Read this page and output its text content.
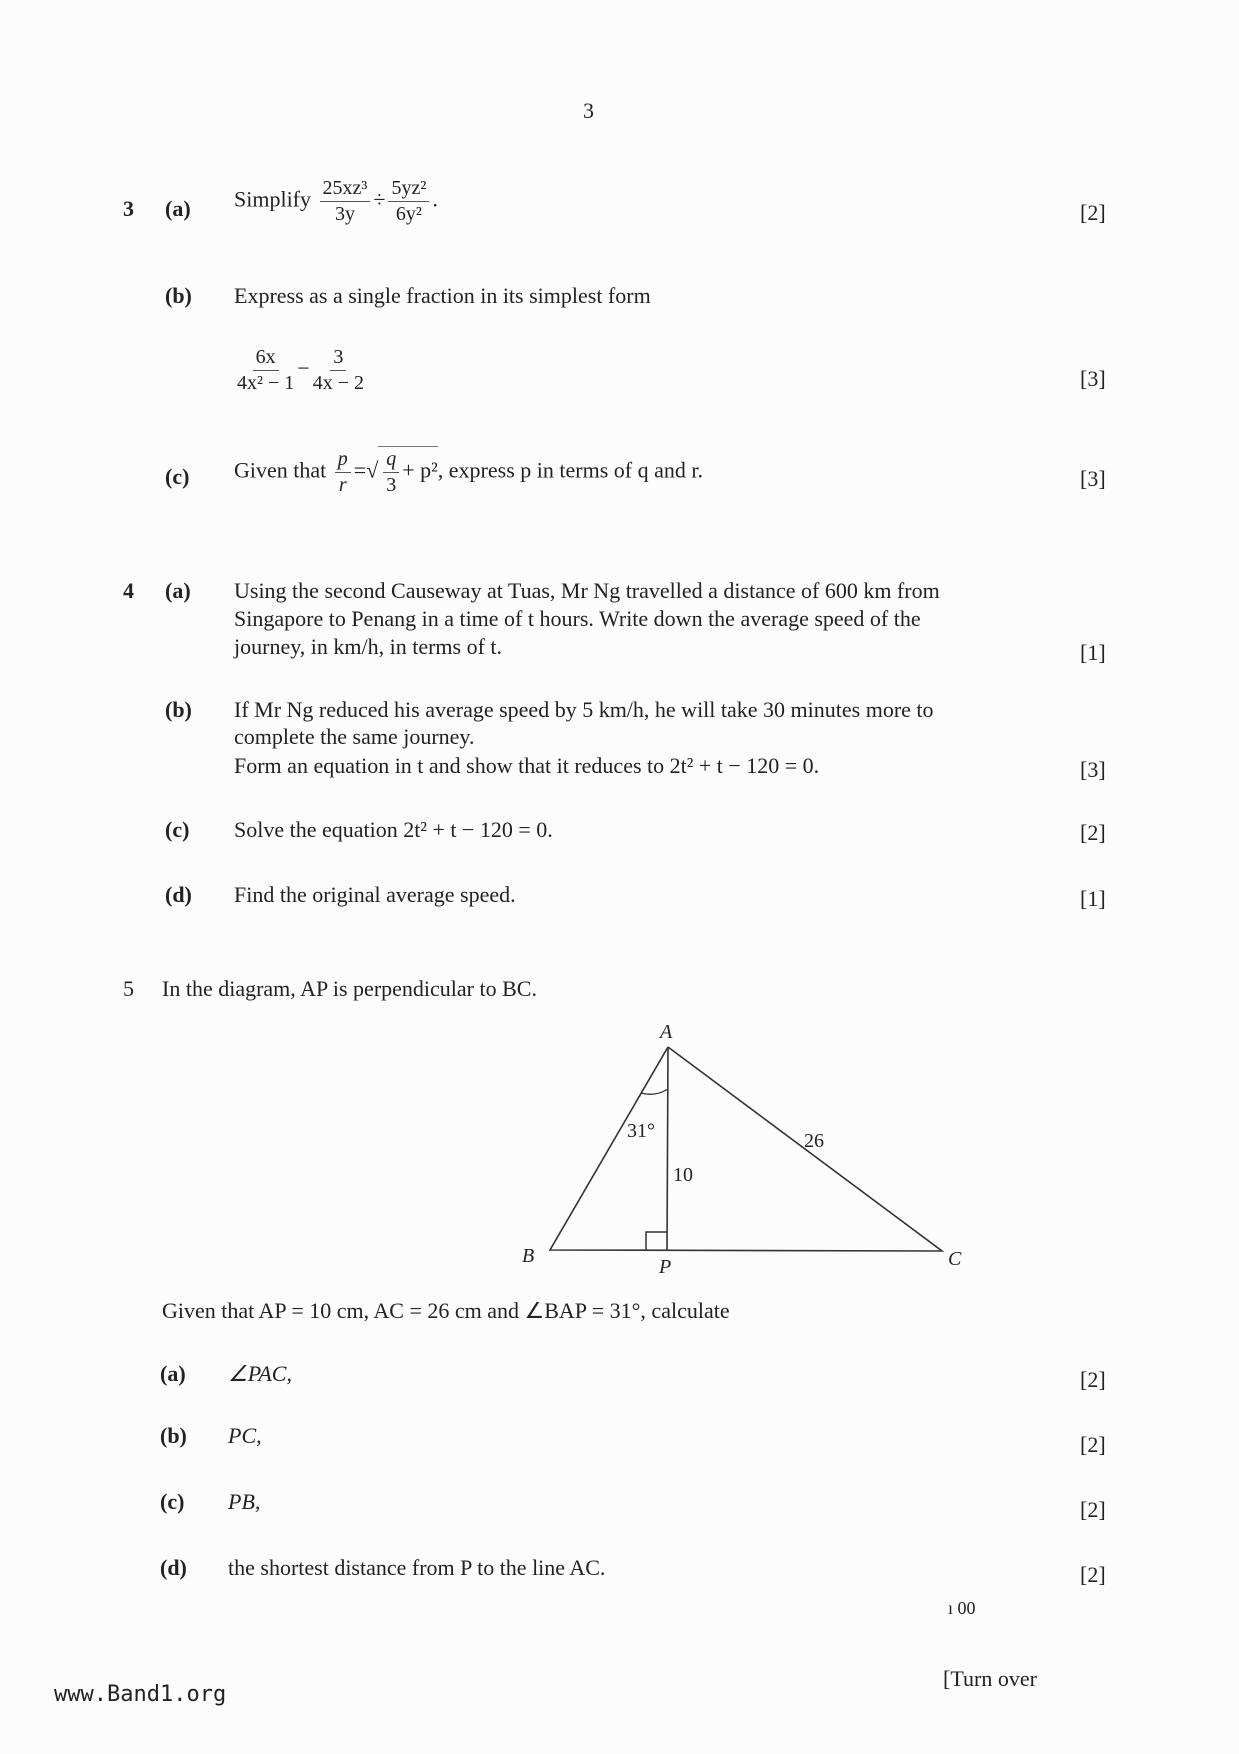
3
3 (a) Simplify $\frac{\text{25xz³}}{3y} \div \frac{\text{5yz²}}{\text{6y²}}$ .
[2]
(b) Express as a single fraction in its simplest form
$\frac{6x}{\text{4x² − 1}} - \frac{3}{4x - 2}$	[3]
(c) Given that $\frac{p}{r}$ =√ $\frac{q}{3} + p^2$, express p in terms of q and r.	[3]
4 (a) Using the second Causeway at Tuas, Mr Ng travelled a distance of 600 km from
Singapore to Penang in a time of t hours. Write down the average speed of the
journey, in km/h, in terms of t.	[1]
(b) If Mr Ng reduced his average speed by 5 km/h, he will take 30 minutes more to
complete the same journey.
Form an equation in t and show that it reduces to 2t² + t − 120 = 0.	[3]
(c) Solve the equation 2t² + t − 120 = 0.	[2]
(d) Find the original average speed.	[1]
5 In the diagram, AP is perpendicular to BC.
A
B	P	C
31°
10
26
Given that AP = 10 cm, AC = 26 cm and ∠BAP = 31°, calculate
(a) ∠PAC,	[2]
(b) PC,	[2]
(c) PB,	[2]
(d) the shortest distance from P to the line AC.	[2]
ı 00
[Turn over
www.Band1.org
